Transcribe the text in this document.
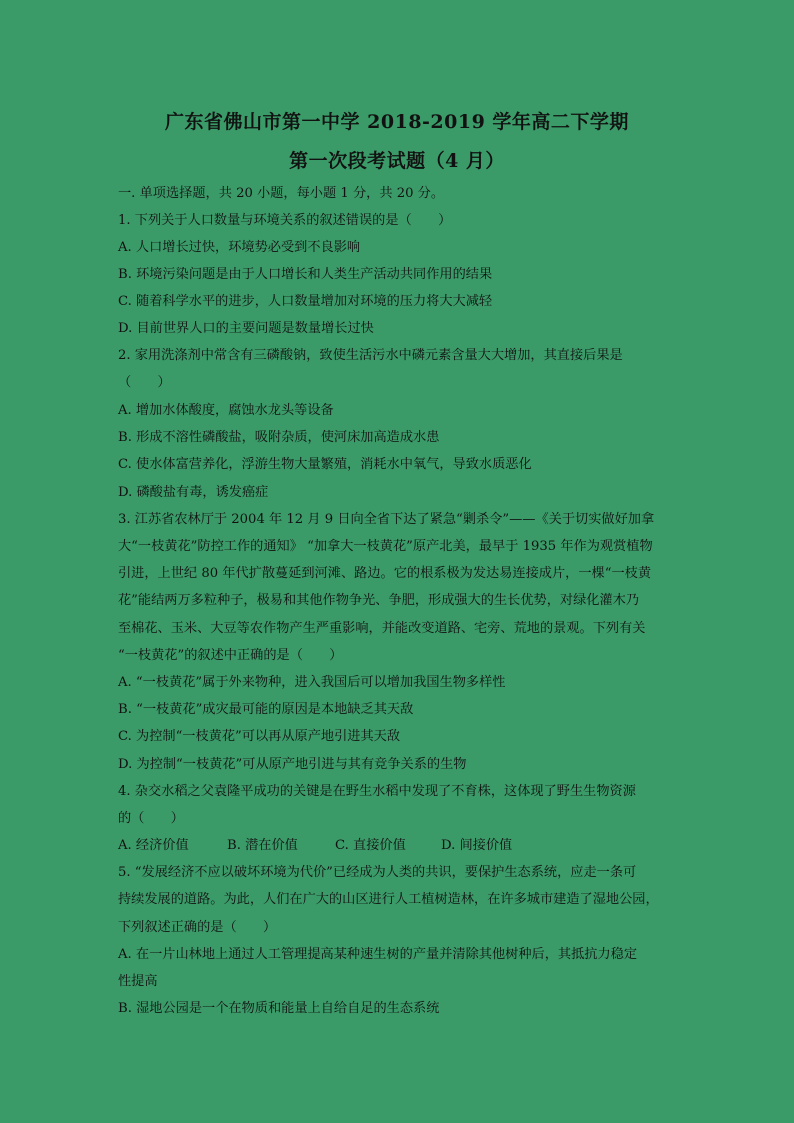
广东省佛山市第一中学 2018-2019 学年高二下学期
第一次段考试题（4 月）
一. 单项选择题，共 20 小题，每小题 1 分，共 20 分。
1. 下列关于人口数量与环境关系的叙述错误的是（　　）
A. 人口增长过快，环境势必受到不良影响
B. 环境污染问题是由于人口增长和人类生产活动共同作用的结果
C. 随着科学水平的进步，人口数量增加对环境的压力将大大减轻
D. 目前世界人口的主要问题是数量增长过快
2. 家用洗涤剂中常含有三磷酸钠，致使生活污水中磷元素含量大大增加，其直接后果是
（　　）
A. 增加水体酸度，腐蚀水龙头等设备
B. 形成不溶性磷酸盐，吸附杂质，使河床加高造成水患
C. 使水体富营养化，浮游生物大量繁殖，消耗水中氧气，导致水质恶化
D. 磷酸盐有毒，诱发癌症
3. 江苏省农林厅于 2004 年 12 月 9 日向全省下达了紧急“剿杀令”——《关于切实做好加拿
大“一枝黄花”防控工作的通知》 “加拿大一枝黄花”原产北美，最早于 1935 年作为观赏植物
引进，上世纪 80 年代扩散蔓延到河滩、路边。它的根系极为发达易连接成片，一棵“一枝黄
花”能结两万多粒种子，极易和其他作物争光、争肥，形成强大的生长优势，对绿化灌木乃
至棉花、玉米、大豆等农作物产生严重影响，并能改变道路、宅旁、荒地的景观。下列有关
“一枝黄花”的叙述中正确的是（　　）
A. “一枝黄花”属于外来物种，进入我国后可以增加我国生物多样性
B. “一枝黄花”成灾最可能的原因是本地缺乏其天敌
C. 为控制“一枝黄花”可以再从原产地引进其天敌
D. 为控制“一枝黄花”可从原产地引进与其有竞争关系的生物
4. 杂交水稻之父袁隆平成功的关键是在野生水稻中发现了不育株，这体现了野生生物资源
的（　　）
A. 经济价值	B. 潜在价值	C. 直接价值	D. 间接价值
5. “发展经济不应以破坏环境为代价”已经成为人类的共识，要保护生态系统，应走一条可
持续发展的道路。为此，人们在广大的山区进行人工植树造林，在许多城市建造了湿地公园，
下列叙述正确的是（　　）
A. 在一片山林地上通过人工管理提高某种速生树的产量并清除其他树种后，其抵抗力稳定
性提高
B. 湿地公园是一个在物质和能量上自给自足的生态系统
